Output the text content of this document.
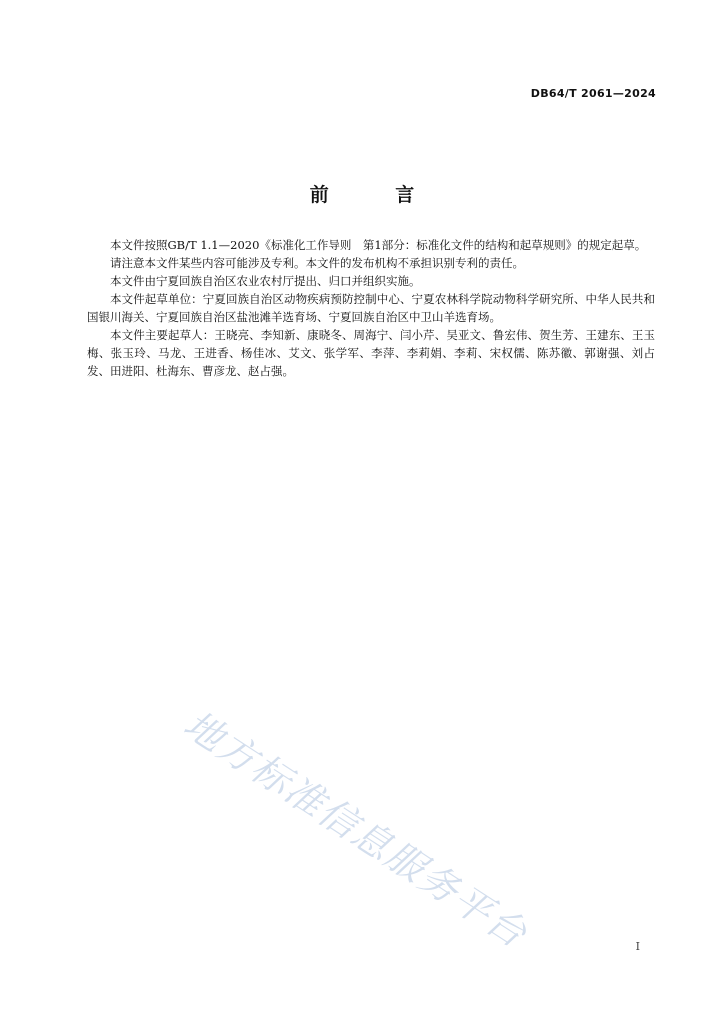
DB64/T 2061—2024
前 言

本文件按照GB/T 1.1—2020《标准化工作导则　第1部分：标准化文件的结构和起草规则》的规定起草。

请注意本文件某些内容可能涉及专利。本文件的发布机构不承担识别专利的责任。

本文件由宁夏回族自治区农业农村厅提出、归口并组织实施。

本文件起草单位：宁夏回族自治区动物疾病预防控制中心、宁夏农林科学院动物科学研究所、中华人民共和国银川海关、宁夏回族自治区盐池滩羊选育场、宁夏回族自治区中卫山羊选育场。

本文件主要起草人：王晓亮、李知新、康晓冬、周海宁、闫小芹、吴亚文、鲁宏伟、贺生芳、王建东、王玉梅、张玉玲、马龙、王进香、杨佳冰、艾文、张学军、李萍、李莉娟、李莉、宋权儒、陈苏徽、郭谢强、刘占发、田进阳、杜海东、曹彦龙、赵占强。

地方标准信息服务平台	I
